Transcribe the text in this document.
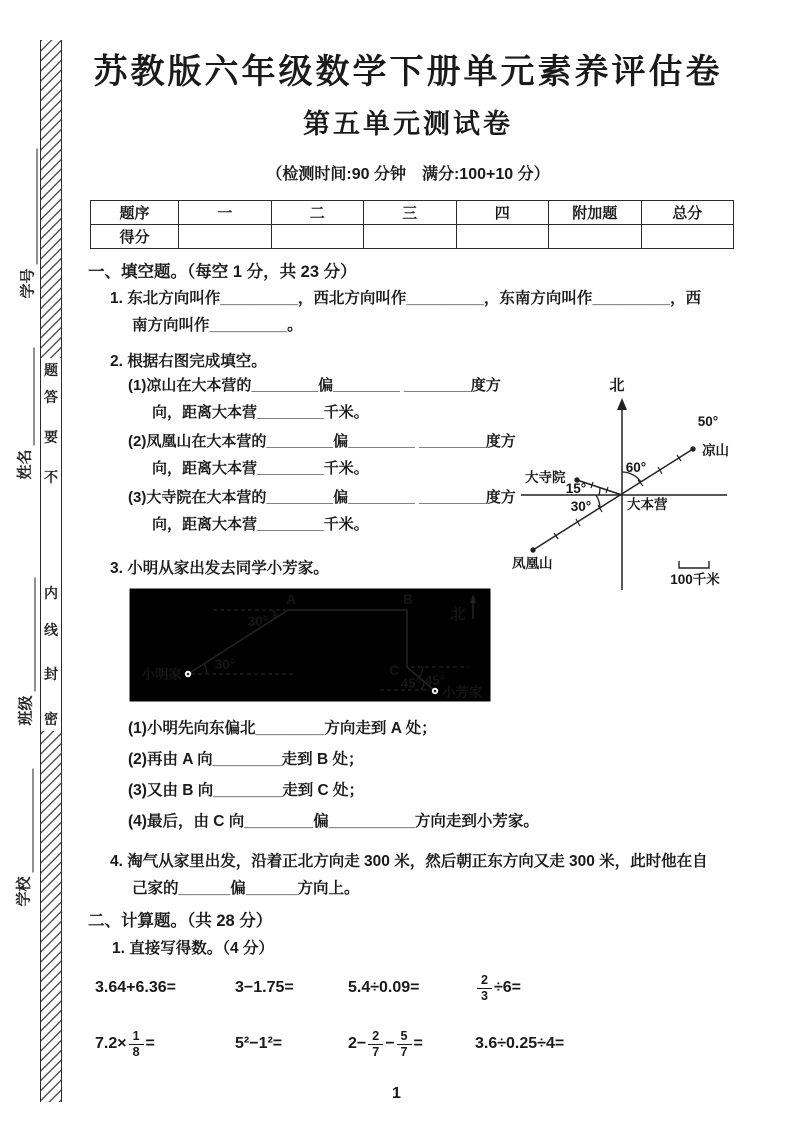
题
答
要
不
内
线
封
密
学号
姓名
班级
学校
苏教版六年级数学下册单元素养评估卷
第五单元测试卷
（检测时间:90 分钟　满分:100+10 分）
题序	一	二	三	四	附加题	总分
得分						
一、填空题。（每空 1 分，共 23 分）
1. 东北方向叫作_________，西北方向叫作_________，东南方向叫作_________，西
南方向叫作_________。
2. 根据右图完成填空。
(1)凉山在大本营的________偏________ ________度方
向，距离大本营________千米。
(2)凤凰山在大本营的________偏________ ________度方
向，距离大本营________千米。
(3)大寺院在大本营的________偏________ ________度方
向，距离大本营________千米。
北
50°
凉山
60°
大寺院
15°
30°	大本营
凤凰山
100千米
3. 小明从家出发去同学小芳家。
北
A	B
C
30°
30°
45°
45°
小明家
小芳家
(1)小明先向东偏北________方向走到 A 处；
(2)再由 A 向________走到 B 处；
(3)又由 B 向________走到 C 处；
(4)最后，由 C 向________偏__________方向走到小芳家。
4. 淘气从家里出发，沿着正北方向走 300 米，然后朝正东方向又走 300 米，此时他在自
己家的______偏______方向上。
二、计算题。（共 28 分）
1. 直接写得数。（4 分）
3.64+6.36=	3−1.75=	5.4÷0.09=	$\frac{2}{3} \div 6=$
$7.2\times \frac{1}{8}$ =	5²−1²=	$2- \frac{2}{7} - \frac{5}{7}$ =	3.6÷0.25÷4=
1
